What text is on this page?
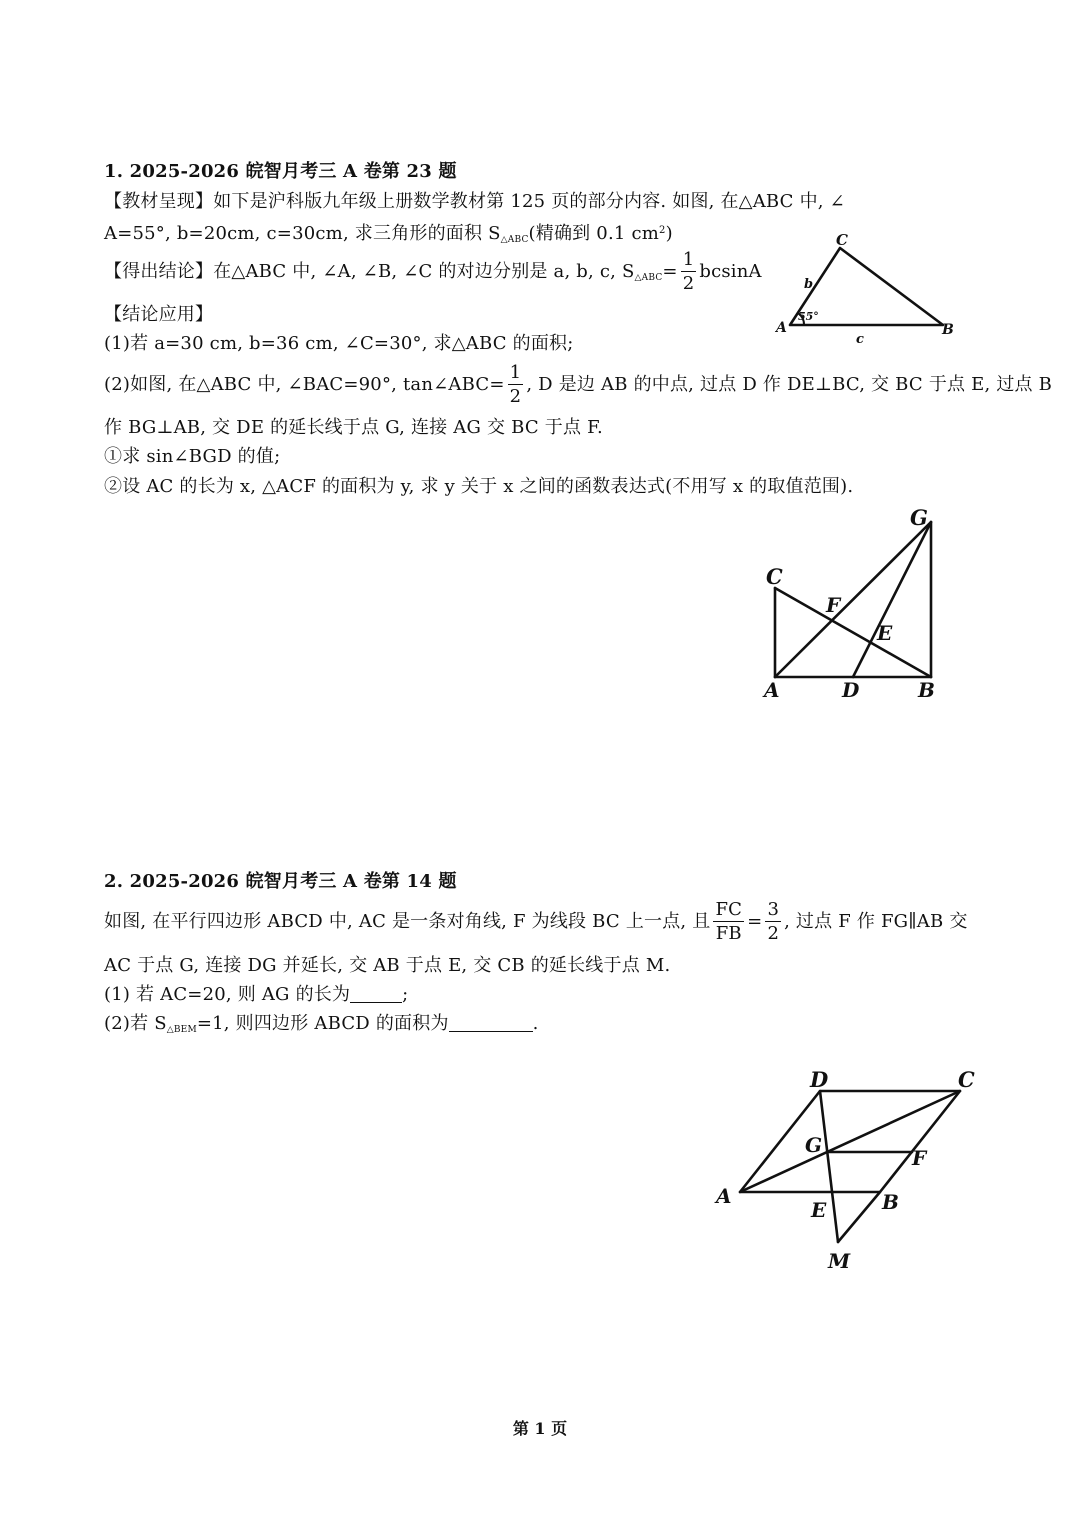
1. 2025-2026 皖智月考三 A 卷第 23 题
【教材呈现】如下是沪科版九年级上册数学教材第 125 页的部分内容. 如图, 在△ABC 中, ∠
A=55°, b=20cm, c=30cm, 求三角形的面积 $S_{\triangle ABC}$(精确到 0.1 $cm^2$)
【得出结论】在△ABC 中, ∠A, ∠B, ∠C 的对边分别是 a, b, c, $S_{\triangle ABC}= \frac{1}{2}$ bcsinA
【结论应用】
(1)若 a=30 cm, b=36 cm, ∠C=30°, 求△ABC 的面积;
(2)如图, 在△ABC 中, ∠BAC=90°, tan∠ABC= $\frac{1}{2}$ , D 是边 AB 的中点, 过点 D 作 DE⊥BC, 交 BC 于点 E, 过点 B
作 BG⊥AB, 交 DE 的延长线于点 G, 连接 AG 交 BC 于点 F.
①求 sin∠BGD 的值;
②设 AC 的长为 x, △ACF 的面积为 y, 求 y 关于 x 之间的函数表达式(不用写 x 的取值范围).
C
A	B
b
c
55°
G
C
F
E
A	D	B
2. 2025-2026 皖智月考三 A 卷第 14 题
如图, 在平行四边形 ABCD 中, AC 是一条对角线, F 为线段 BC 上一点, 且 $\frac{FC}{FB} = \frac{3}{2}$ , 过点 F 作 FG∥AB 交
AC 于点 G, 连接 DG 并延长, 交 AB 于点 E, 交 CB 的延长线于点 M.
(1) 若 AC=20, 则 AG 的长为	;
(2)若 $S_{\triangle BEM}=1$, 则四边形 ABCD 的面积为	.
D	C
G
F
A
E	B
M
第 1 页
